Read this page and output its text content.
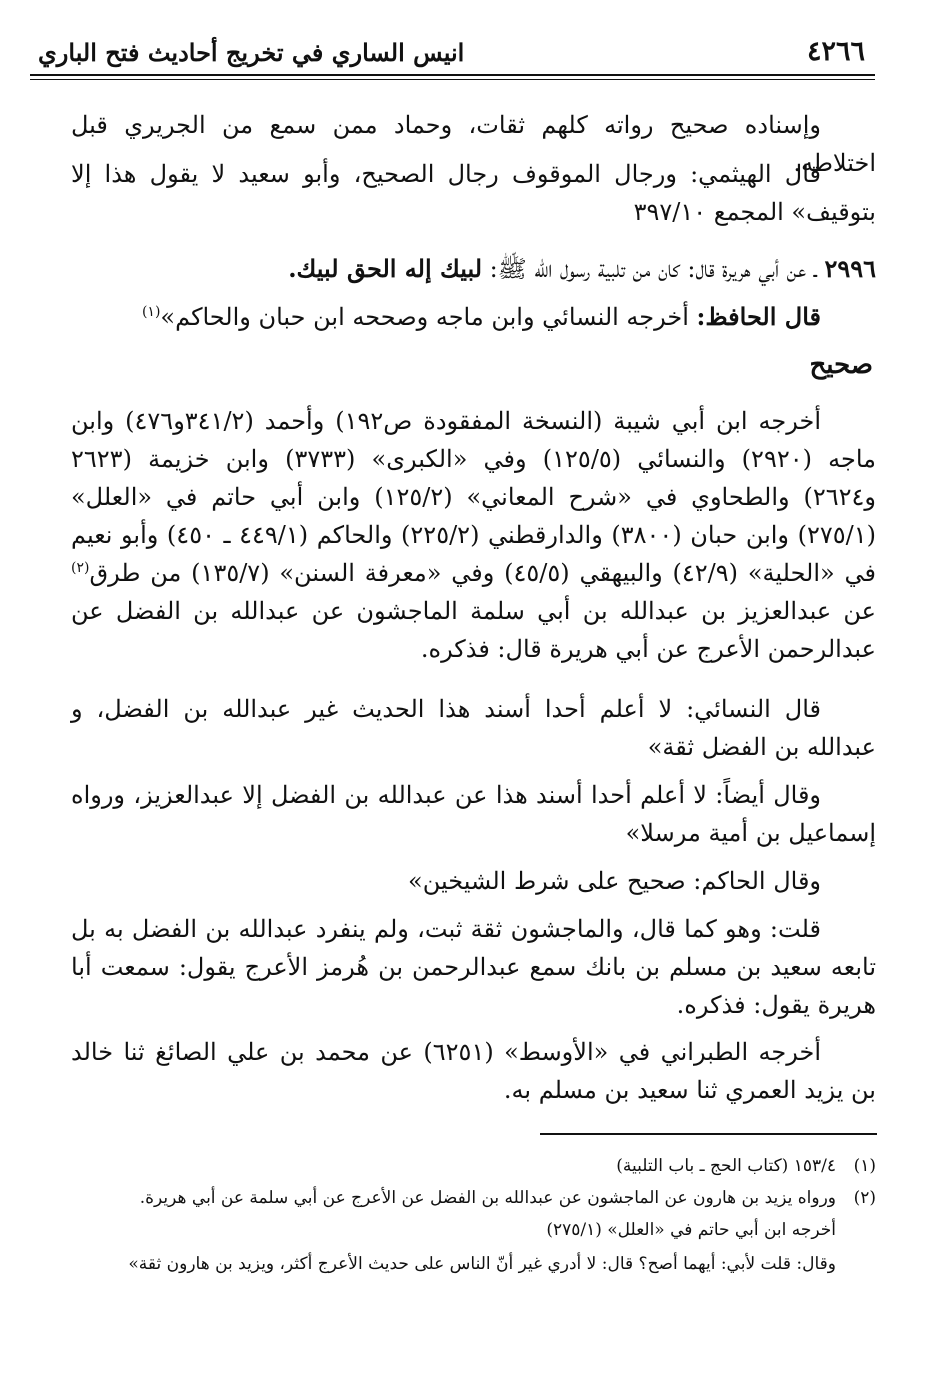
٤٢٦٦
انيس الساري في تخريج أحاديث فتح الباري

وإسناده صحيح رواته كلهم ثقات، وحماد ممن سمع من الجريري قبل اختلاطه.

قال الهيثمي: ورجال الموقوف رجال الصحيح، وأبو سعيد لا يقول هذا إلا بتوقيف» المجمع ٣٩٧/١٠

٢٩٩٦ ـ عن أبي هريرة قال: كان من تلبية رسول الله ﷺ: لبيك إله الحق لبيك.

قال الحافظ: أخرجه النسائي وابن ماجه وصححه ابن حبان والحاكم»$^{(١)}$

صحيح

أخرجه ابن أبي شيبة (النسخة المفقودة ص١٩٢) وأحمد (٣٤١/٢و٤٧٦) وابن ماجه (٢٩٢٠) والنسائي (١٢٥/٥) وفي «الكبرى» (٣٧٣٣) وابن خزيمة (٢٦٢٣ و٢٦٢٤) والطحاوي في «شرح المعاني» (١٢٥/٢) وابن أبي حاتم في «العلل» (٢٧٥/١) وابن حبان (٣٨٠٠) والدارقطني (٢٢٥/٢) والحاكم (٤٤٩/١ ـ ٤٥٠) وأبو نعيم في «الحلية» (٤٢/٩) والبيهقي (٤٥/٥) وفي «معرفة السنن» (١٣٥/٧) من طرق$^{(٢)}$ عن عبدالعزيز بن عبدالله بن أبي سلمة الماجشون عن عبدالله بن الفضل عن عبدالرحمن الأعرج عن أبي هريرة قال: فذكره.

قال النسائي: لا أعلم أحدا أسند هذا الحديث غير عبدالله بن الفضل، و عبدالله بن الفضل ثقة»

وقال أيضاً: لا أعلم أحدا أسند هذا عن عبدالله بن الفضل إلا عبدالعزيز، ورواه إسماعيل بن أمية مرسلا»

وقال الحاكم: صحيح على شرط الشيخين»

قلت: وهو كما قال، والماجشون ثقة ثبت، ولم ينفرد عبدالله بن الفضل به بل تابعه سعيد بن مسلم بن بانك سمع عبدالرحمن بن هُرمز الأعرج يقول: سمعت أبا هريرة يقول: فذكره.

أخرجه الطبراني في «الأوسط» (٦٢٥١) عن محمد بن علي الصائغ ثنا خالد بن يزيد العمري ثنا سعيد بن مسلم به.

(١)١٥٣/٤ (كتاب الحج ـ باب التلبية)

(٢)ورواه يزيد بن هارون عن الماجشون عن عبدالله بن الفضل عن الأعرج عن أبي سلمة عن أبي هريرة.

أخرجه ابن أبي حاتم في «العلل» (٢٧٥/١)

وقال: قلت لأبي: أيهما أصح؟ قال: لا أدري غير أنّ الناس على حديث الأعرج أكثر، ويزيد بن هارون ثقة»
